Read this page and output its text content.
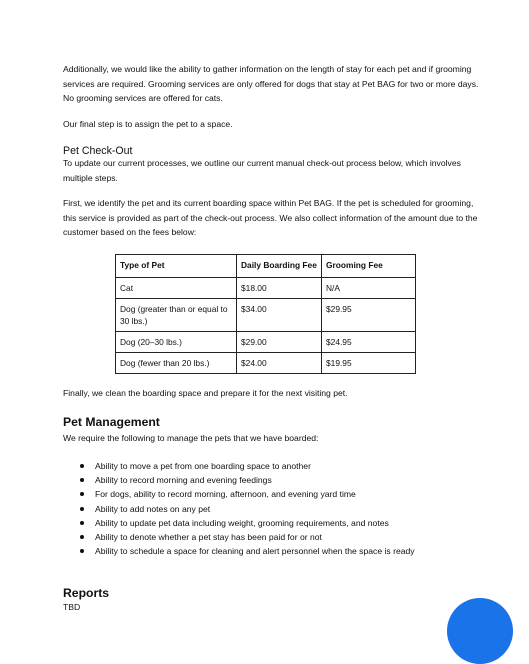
Additionally, we would like the ability to gather information on the length of stay for each pet and if grooming services are required. Grooming services are only offered for dogs that stay at Pet BAG for two or more days. No grooming services are offered for cats.

Our final step is to assign the pet to a space.

Pet Check-Out

To update our current processes, we outline our current manual check-out process below, which involves multiple steps.

First, we identify the pet and its current boarding space within Pet BAG. If the pet is scheduled for grooming, this service is provided as part of the check-out process. We also collect information of the amount due to the customer based on the fees below:

Type of Pet	Daily Boarding Fee	Grooming Fee
Cat	$18.00	N/A
Dog (greater than or equal to 30 lbs.)	$34.00	$29.95
Dog (20–30 lbs.)	$29.00	$24.95
Dog (fewer than 20 lbs.)	$24.00	$19.95

Finally, we clean the boarding space and prepare it for the next visiting pet.

Pet Management

We require the following to manage the pets that we have boarded:

Ability to move a pet from one boarding space to another
Ability to record morning and evening feedings
For dogs, ability to record morning, afternoon, and evening yard time
Ability to add notes on any pet
Ability to update pet data including weight, grooming requirements, and notes
Ability to denote whether a pet stay has been paid for or not
Ability to schedule a space for cleaning and alert personnel when the space is ready
Reports

TBD
